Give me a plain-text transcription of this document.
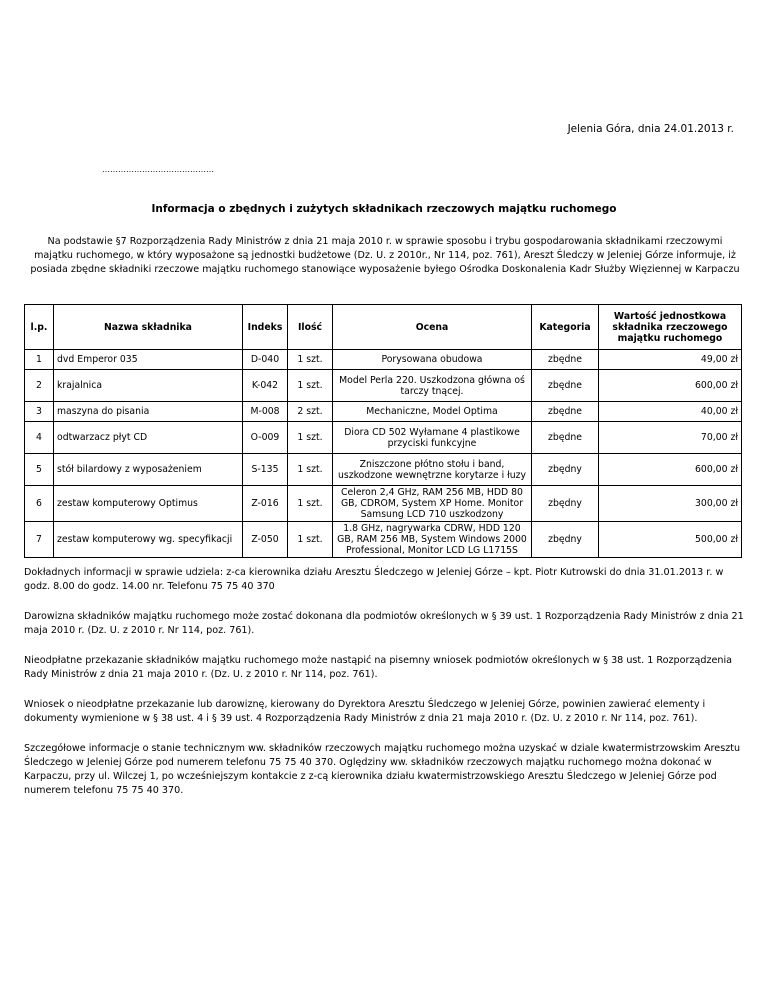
Jelenia Góra, dnia 24.01.2013 r.
……………………………………
Informacja o zbędnych i zużytych składnikach rzeczowych majątku ruchomego
Na podstawie §7 Rozporządzenia Rady Ministrów z dnia 21 maja 2010 r. w sprawie sposobu i trybu gospodarowania składnikami rzeczowymi majątku ruchomego, w który wyposażone są jednostki budżetowe (Dz. U. z 2010r., Nr 114, poz. 761), Areszt Śledczy w Jeleniej Górze informuje, iż posiada zbędne składniki rzeczowe majątku ruchomego stanowiące wyposażenie byłego Ośrodka Doskonalenia Kadr Służby Więziennej w Karpaczu
l.p.	Nazwa składnika	Indeks	Ilość	Ocena	Kategoria	Wartość jednostkowa składnika rzeczowego majątku ruchomego
1	dvd Emperor 035	D-040	1 szt.	Porysowana obudowa	zbędne	49,00 zł
2	krajalnica	K-042	1 szt.	Model Perla 220. Uszkodzona główna oś tarczy tnącej.	zbędne	600,00 zł
3	maszyna do pisania	M-008	2 szt.	Mechaniczne, Model Optima	zbędne	40,00 zł
4	odtwarzacz płyt CD	O-009	1 szt.	Diora CD 502 Wyłamane 4 plastikowe przyciski funkcyjne	zbędne	70,00 zł
5	stół bilardowy z wyposażeniem	S-135	1 szt.	Zniszczone płótno stołu i band, uszkodzone wewnętrzne korytarze i łuzy	zbędny	600,00 zł
6	zestaw komputerowy Optimus	Z-016	1 szt.	Celeron 2,4 GHz, RAM 256 MB, HDD 80 GB, CDROM, System XP Home. Monitor Samsung LCD 710 uszkodzony	zbędny	300,00 zł
7	zestaw komputerowy wg. specyfikacji	Z-050	1 szt.	1.8 GHz, nagrywarka CDRW, HDD 120 GB, RAM 256 MB, System Windows 2000 Professional, Monitor LCD LG L1715S	zbędny	500,00 zł

Dokładnych informacji w sprawie udziela: z-ca kierownika działu Aresztu Śledczego w Jeleniej Górze – kpt. Piotr Kutrowski do dnia 31.01.2013 r. w godz. 8.00 do godz. 14.00 nr. Telefonu 75 75 40 370

Darowizna składników majątku ruchomego może zostać dokonana dla podmiotów określonych w § 39 ust. 1 Rozporządzenia Rady Ministrów z dnia 21 maja 2010 r. (Dz. U. z 2010 r. Nr 114, poz. 761).

Nieodpłatne przekazanie składników majątku ruchomego może nastąpić na pisemny wniosek podmiotów określonych w § 38 ust. 1 Rozporządzenia Rady Ministrów z dnia 21 maja 2010 r. (Dz. U. z 2010 r. Nr 114, poz. 761).

Wniosek o nieodpłatne przekazanie lub darowiznę, kierowany do Dyrektora Aresztu Śledczego w Jeleniej Górze, powinien zawierać elementy i dokumenty wymienione w § 38 ust. 4 i § 39 ust. 4 Rozporządzenia Rady Ministrów z dnia 21 maja 2010 r. (Dz. U. z 2010 r. Nr 114, poz. 761).

Szczegółowe informacje o stanie technicznym ww. składników rzeczowych majątku ruchomego można uzyskać w dziale kwatermistrzowskim Aresztu Śledczego w Jeleniej Górze pod numerem telefonu 75 75 40 370. Oględziny ww. składników rzeczowych majątku ruchomego można dokonać w Karpaczu, przy ul. Wilczej 1, po wcześniejszym kontakcie z z-cą kierownika działu kwatermistrzowskiego Aresztu Śledczego w Jeleniej Górze pod numerem telefonu 75 75 40 370.
